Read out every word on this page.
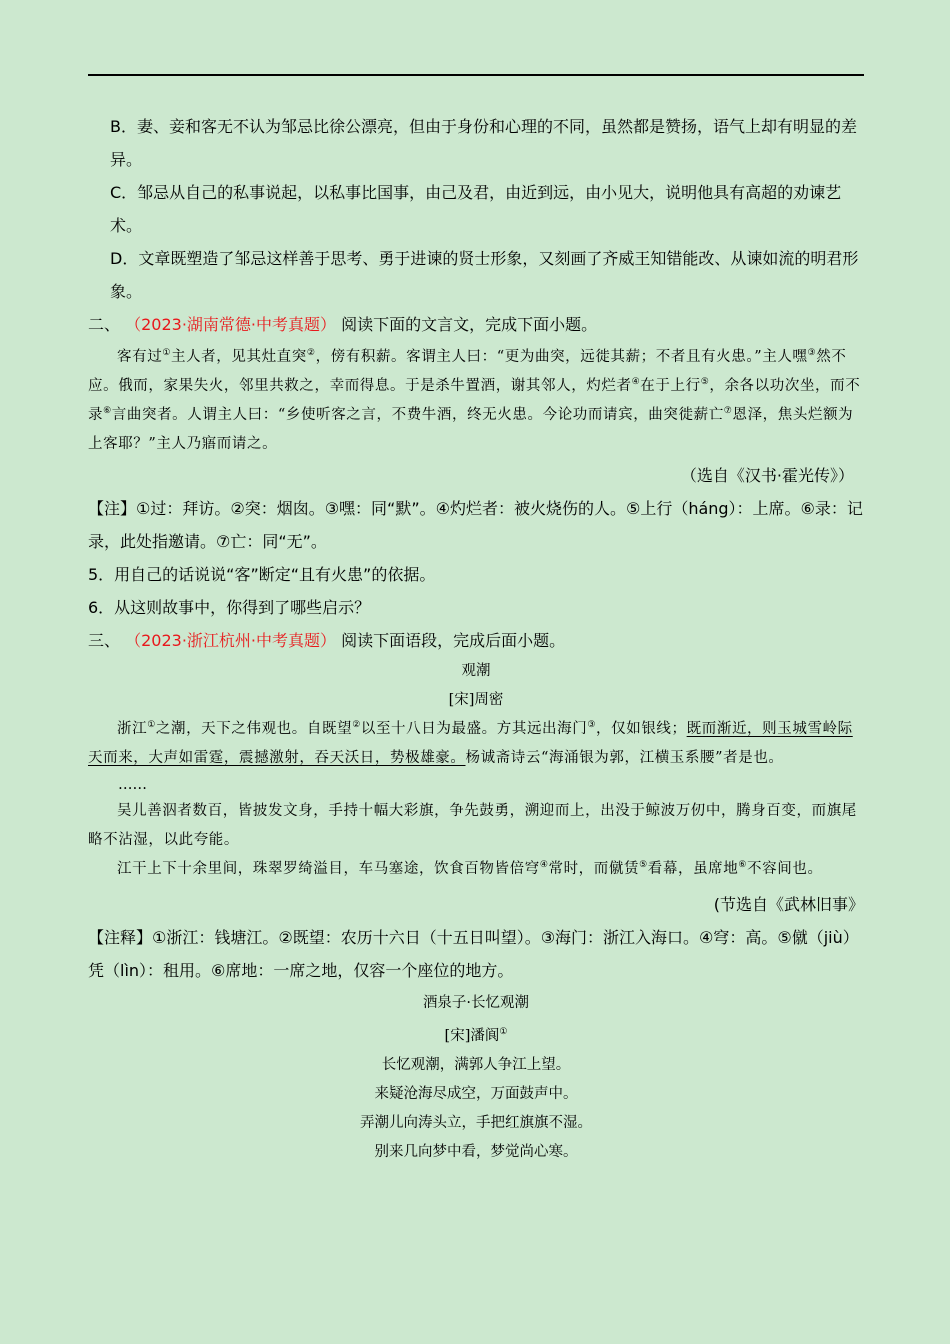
B．妻、妾和客无不认为邹忌比徐公漂亮，但由于身份和心理的不同，虽然都是赞扬，语气上却有明显的差异。

C．邹忌从自己的私事说起，以私事比国事，由己及君，由近到远，由小见大，说明他具有高超的劝谏艺术。

D．文章既塑造了邹忌这样善于思考、勇于进谏的贤士形象，又刻画了齐威王知错能改、从谏如流的明君形象。

二、 （2023·湖南常德·中考真题） 阅读下面的文言文，完成下面小题。

客有过①主人者，见其灶直突②，傍有积薪。客谓主人曰：“更为曲突，远徙其薪；不者且有火患。”主人嘿③然不应。俄而，家果失火，邻里共救之，幸而得息。于是杀牛置酒，谢其邻人，灼烂者④在于上行⑤，余各以功次坐，而不录⑥言曲突者。人谓主人曰：“乡使听客之言，不费牛酒，终无火患。今论功而请宾，曲突徙薪亡⑦恩泽，焦头烂额为上客耶？”主人乃寤而请之。

（选自《汉书·霍光传》）

【注】①过：拜访。②突：烟囱。③嘿：同“默”。④灼烂者：被火烧伤的人。⑤上行（háng）：上席。⑥录：记录，此处指邀请。⑦亡：同“无”。

5．用自己的话说说“客”断定“且有火患”的依据。

6．从这则故事中，你得到了哪些启示？

三、 （2023·浙江杭州·中考真题） 阅读下面语段，完成后面小题。

观潮

[宋]周密

浙江①之潮，天下之伟观也。自既望②以至十八日为最盛。方其远出海门③，仅如银线；既而渐近，则玉城雪岭际天而来，大声如雷霆，震撼激射，吞天沃日，势极雄豪。杨诚斋诗云“海涌银为郭，江横玉系腰”者是也。

……

吴儿善泅者数百，皆披发文身，手持十幅大彩旗，争先鼓勇，溯迎而上，出没于鲸波万仞中，腾身百变，而旗尾略不沾湿，以此夸能。

江干上下十余里间，珠翠罗绮溢目，车马塞途，饮食百物皆倍穹④常时，而僦赁⑤看幕，虽席地⑥不容间也。

(节选自《武林旧事》

【注释】①浙江：钱塘江。②既望：农历十六日（十五日叫望）。③海门：浙江入海口。④穹：高。⑤僦（jiù）凭（lìn）：租用。⑥席地：一席之地，仅容一个座位的地方。

酒泉子·长忆观潮

[宋]潘阆①

长忆观潮，满郭人争江上望。

来疑沧海尽成空，万面鼓声中。

弄潮儿向涛头立，手把红旗旗不湿。

别来几向梦中看，梦觉尚心寒。
